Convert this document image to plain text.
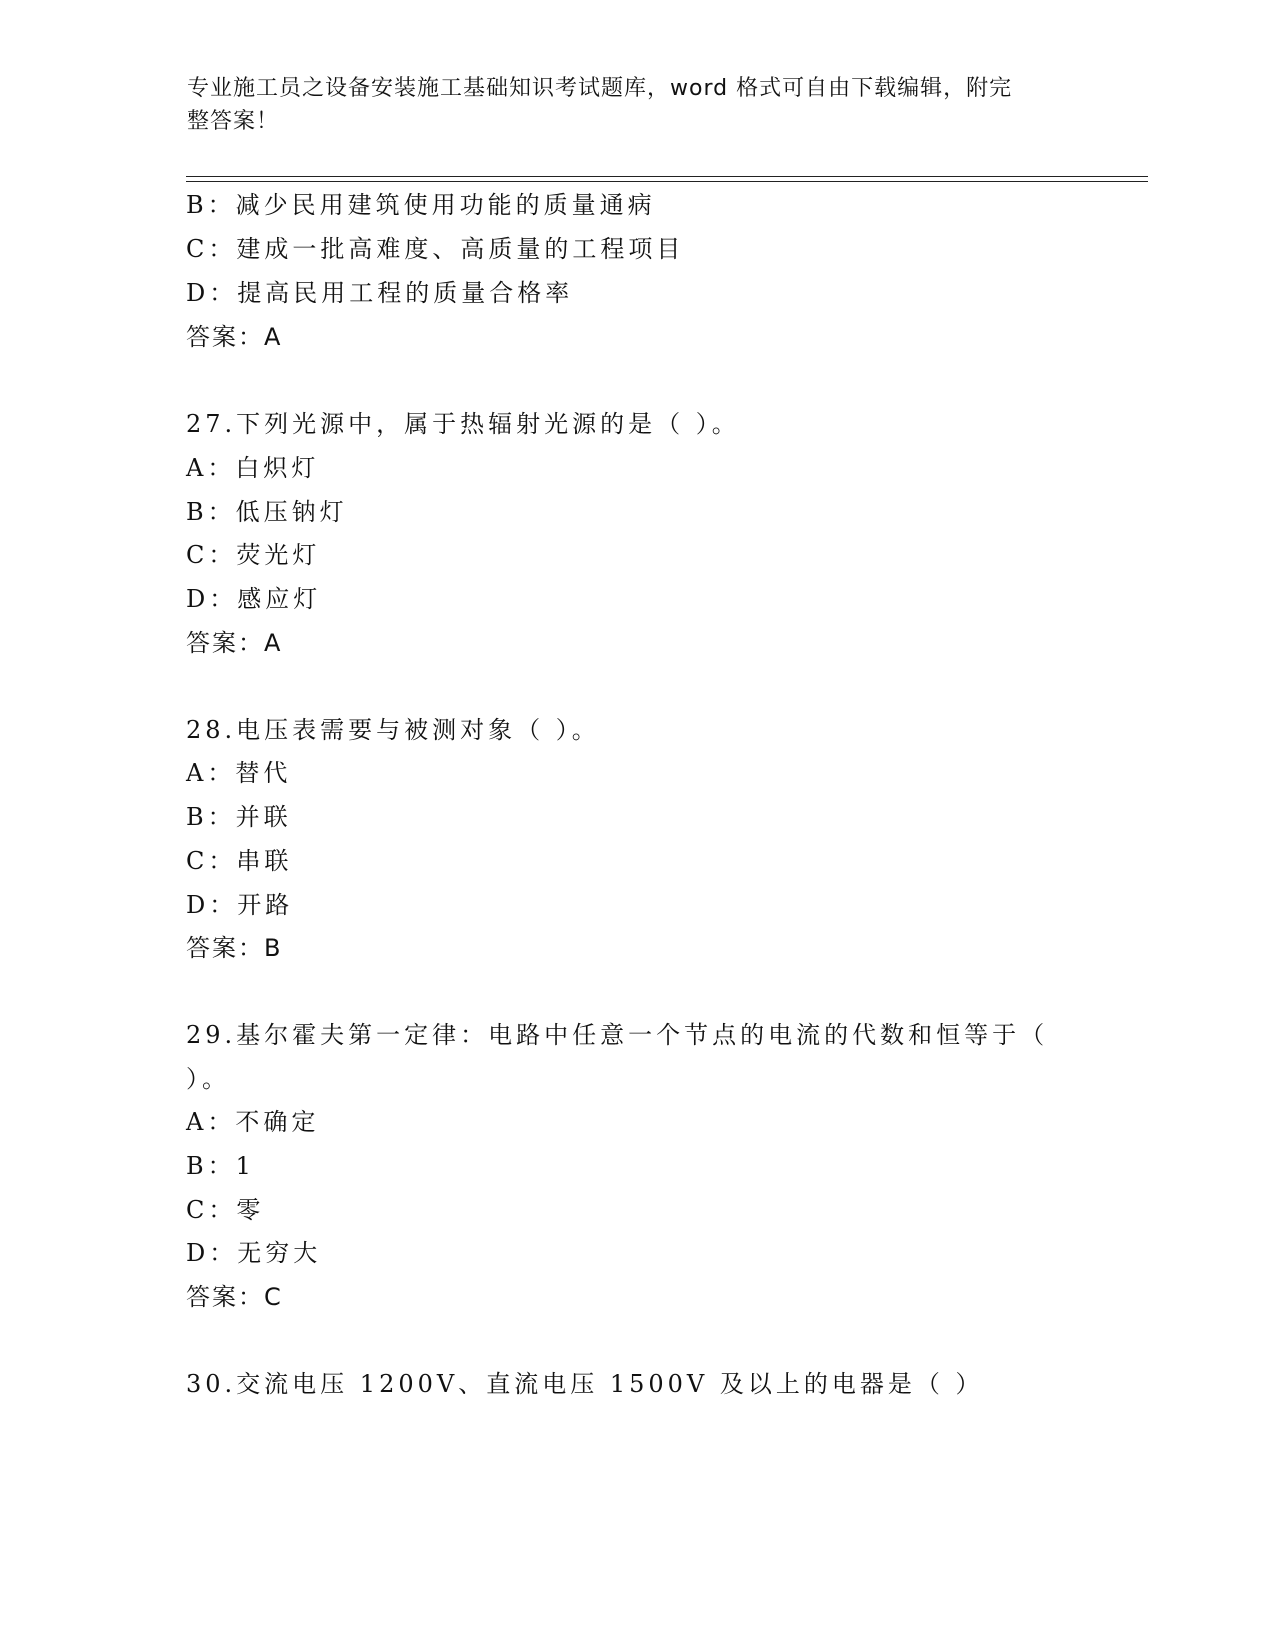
专业施工员之设备安装施工基础知识考试题库，word 格式可自由下载编辑，附完
整答案！
B：减少民用建筑使用功能的质量通病
C：建成一批高难度、高质量的工程项目
D：提高民用工程的质量合格率
答案：A
27.下列光源中，属于热辐射光源的是（ ）。
A：白炽灯
B：低压钠灯
C：荧光灯
D：感应灯
答案：A
28.电压表需要与被测对象（ ）。
A：替代
B：并联
C：串联
D：开路
答案：B
29.基尔霍夫第一定律：电路中任意一个节点的电流的代数和恒等于（
）。
A：不确定
B：1
C：零
D：无穷大
答案：C
30.交流电压 1200V、直流电压 1500V 及以上的电器是（ ）
